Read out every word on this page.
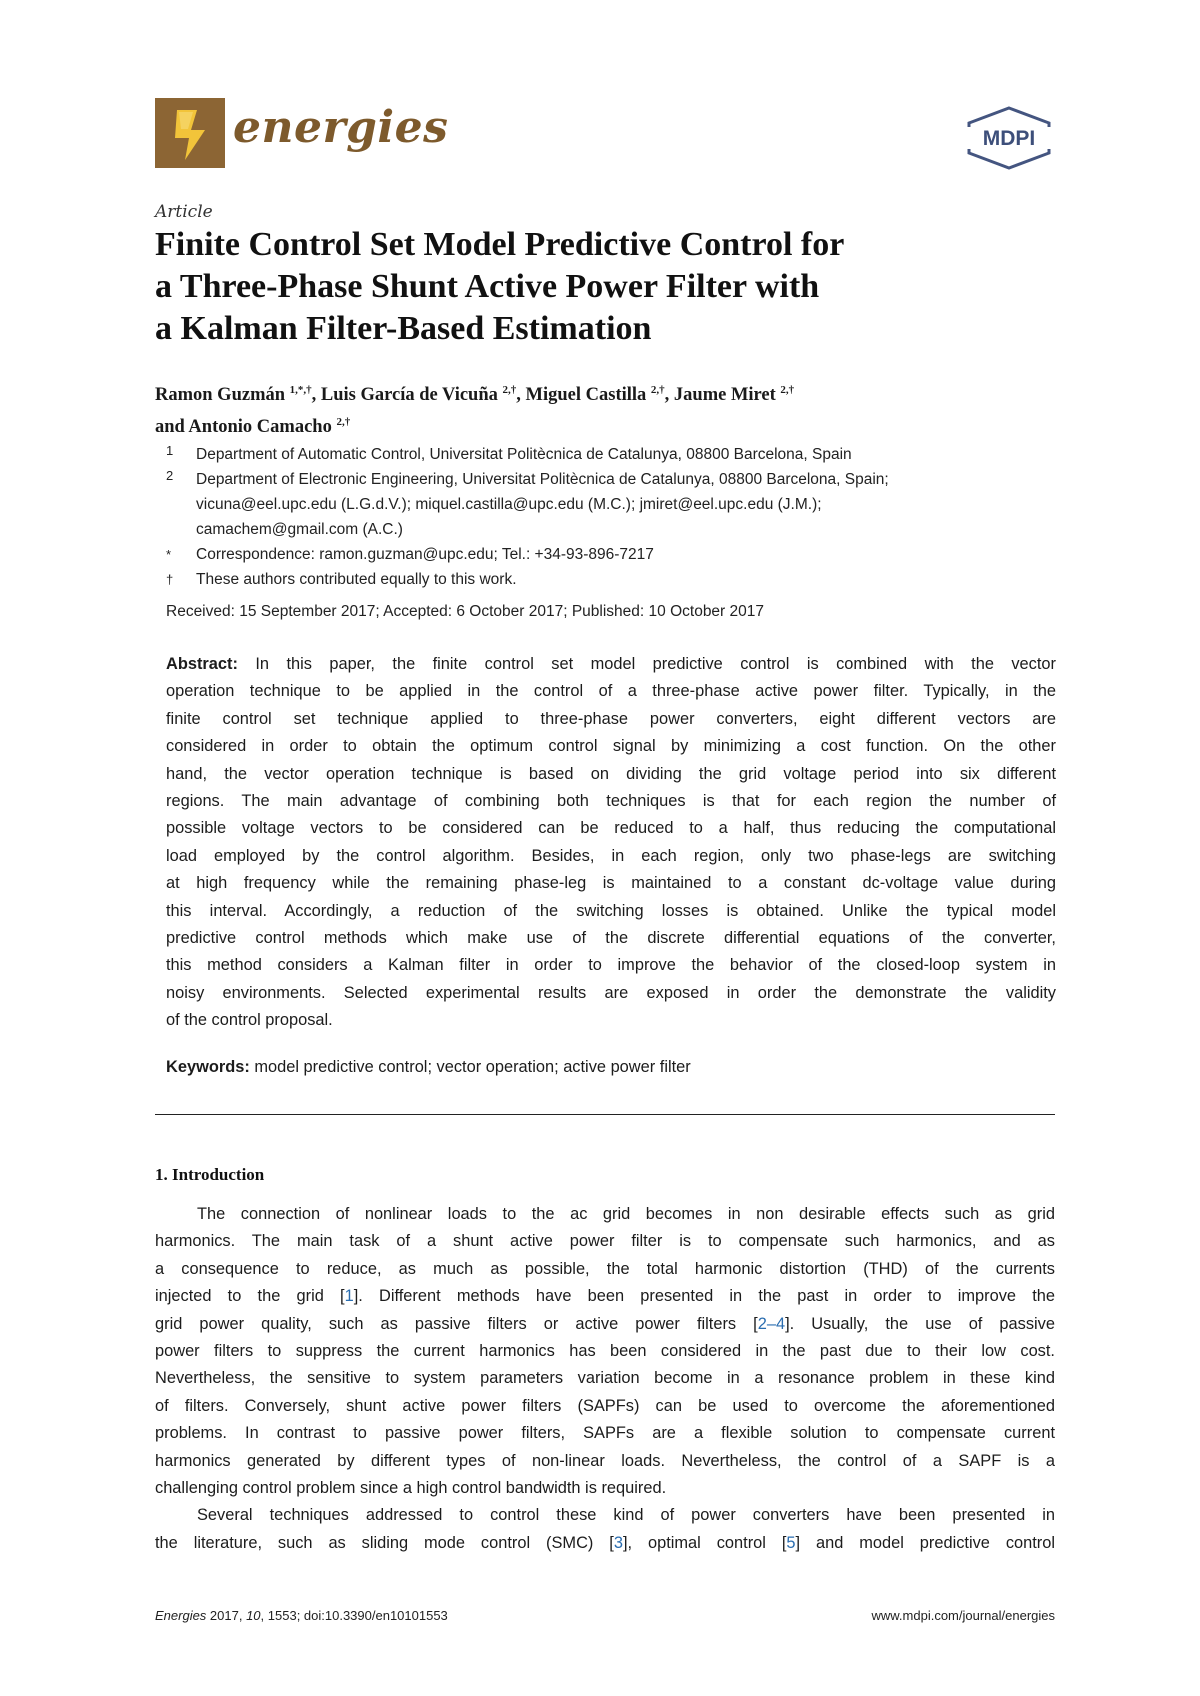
energies	MDPI
Article
Finite Control Set Model Predictive Control for
a Three-Phase Shunt Active Power Filter with
a Kalman Filter-Based Estimation
Ramon Guzmán $^{1,*,\dagger}$, Luis García de Vicuña $^{2,\dagger}$, Miguel Castilla $^{2,\dagger}$, Jaume Miret $^{2,\dagger}$
and Antonio Camacho $^{2,\dagger}$
1	Department of Automatic Control, Universitat Politècnica de Catalunya, 08800 Barcelona, Spain
2	Department of Electronic Engineering, Universitat Politècnica de Catalunya, 08800 Barcelona, Spain;
vicuna@eel.upc.edu (L.G.d.V.); miquel.castilla@upc.edu (M.C.); jmiret@eel.upc.edu (J.M.);
camachem@gmail.com (A.C.)
*	Correspondence: ramon.guzman@upc.edu; Tel.: +34-93-896-7217
†	These authors contributed equally to this work.
Received: 15 September 2017; Accepted: 6 October 2017; Published: 10 October 2017
Abstract: In this paper, the finite control set model predictive control is combined with the vector
operation technique to be applied in the control of a three-phase active power filter. Typically, in the
finite control set technique applied to three-phase power converters, eight different vectors are
considered in order to obtain the optimum control signal by minimizing a cost function. On the other
hand, the vector operation technique is based on dividing the grid voltage period into six different
regions. The main advantage of combining both techniques is that for each region the number of
possible voltage vectors to be considered can be reduced to a half, thus reducing the computational
load employed by the control algorithm. Besides, in each region, only two phase-legs are switching
at high frequency while the remaining phase-leg is maintained to a constant dc-voltage value during
this interval. Accordingly, a reduction of the switching losses is obtained. Unlike the typical model
predictive control methods which make use of the discrete differential equations of the converter,
this method considers a Kalman filter in order to improve the behavior of the closed-loop system in
noisy environments. Selected experimental results are exposed in order the demonstrate the validity
of the control proposal.
Keywords: model predictive control; vector operation; active power filter
1. Introduction
The connection of nonlinear loads to the ac grid becomes in non desirable effects such as grid
harmonics. The main task of a shunt active power filter is to compensate such harmonics, and as
a consequence to reduce, as much as possible, the total harmonic distortion (THD) of the currents
injected to the grid [1]. Different methods have been presented in the past in order to improve the
grid power quality, such as passive filters or active power filters [2–4]. Usually, the use of passive
power filters to suppress the current harmonics has been considered in the past due to their low cost.
Nevertheless, the sensitive to system parameters variation become in a resonance problem in these kind
of filters. Conversely, shunt active power filters (SAPFs) can be used to overcome the aforementioned
problems. In contrast to passive power filters, SAPFs are a flexible solution to compensate current
harmonics generated by different types of non-linear loads. Nevertheless, the control of a SAPF is a
challenging control problem since a high control bandwidth is required.
Several techniques addressed to control these kind of power converters have been presented in
the literature, such as sliding mode control (SMC) [3], optimal control [5] and model predictive control
Energies 2017, 10, 1553; doi:10.3390/en10101553	www.mdpi.com/journal/energies
